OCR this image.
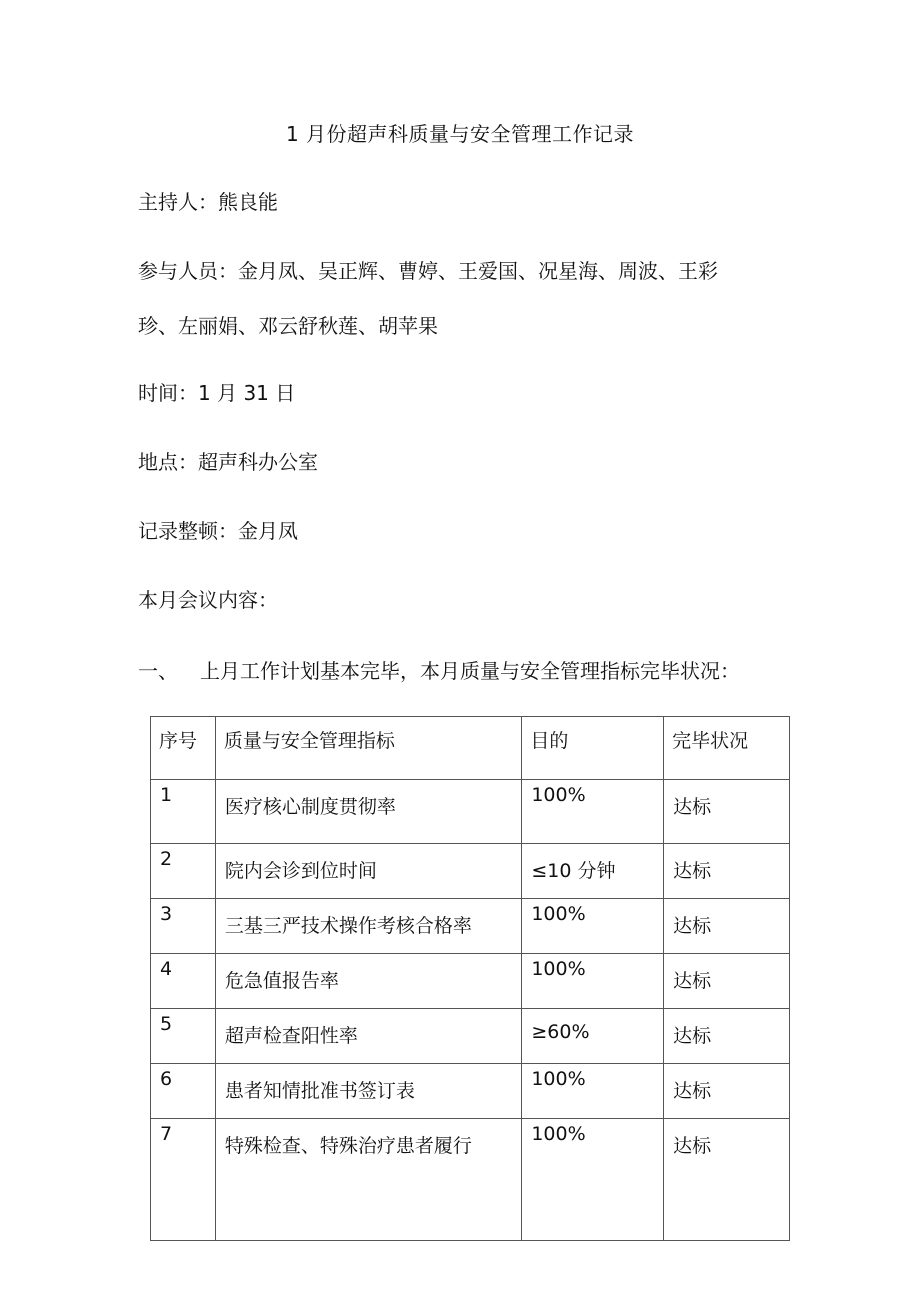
1 月份超声科质量与安全管理工作记录
主持人：熊良能
参与人员：金月凤、吴正辉、曹婷、王爱国、况星海、周波、王彩
珍、左丽娟、邓云舒秋莲、胡苹果
时间：1 月 31 日
地点：超声科办公室
记录整顿：金月凤
本月会议内容：
一、 上月工作计划基本完毕，本月质量与安全管理指标完毕状况：
序号	质量与安全管理指标	目的	完毕状况

1	医疗核心制度贯彻率	100%	达标

2	院内会诊到位时间	≤10 分钟	达标

3	三基三严技术操作考核合格率	100%	达标

4	危急值报告率	100%	达标

5	超声检查阳性率	≥60%	达标

6	患者知情批准书签订表	100%	达标

7	特殊检查、特殊治疗患者履行	100%	达标
